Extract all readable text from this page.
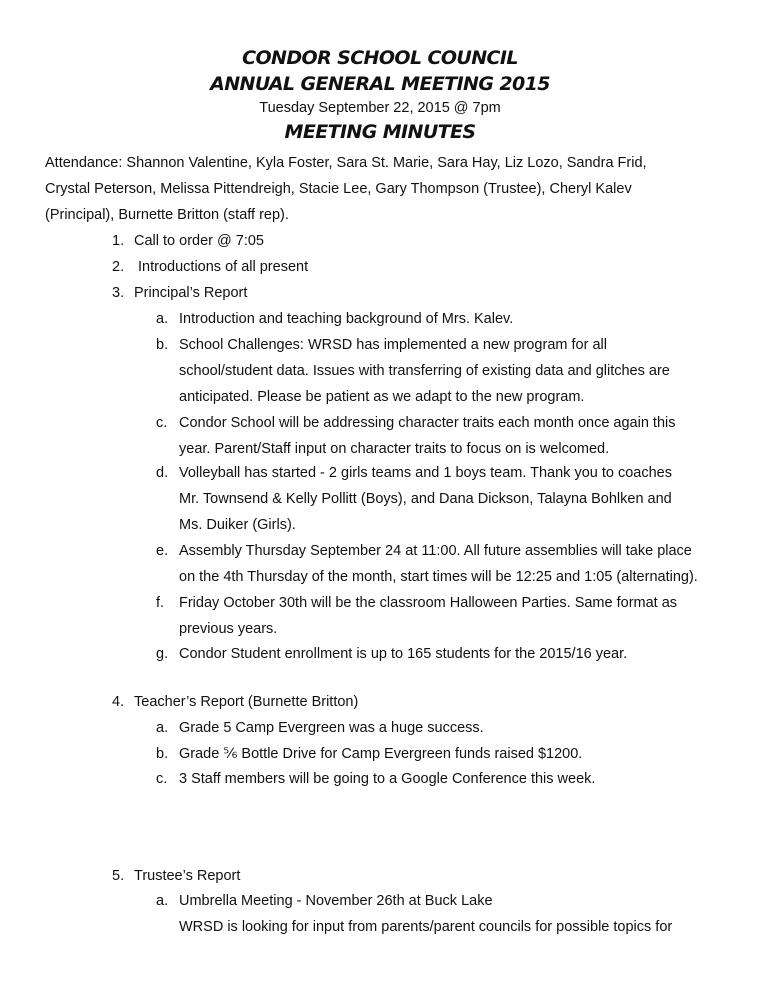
CONDOR SCHOOL COUNCIL
ANNUAL GENERAL MEETING 2015
Tuesday September 22, 2015 @ 7pm
MEETING MINUTES
Attendance: Shannon Valentine, Kyla Foster, Sara St. Marie, Sara Hay, Liz Lozo, Sandra Frid,
Crystal Peterson, Melissa Pittendreigh, Stacie Lee, Gary Thompson (Trustee), Cheryl Kalev
(Principal), Burnette Britton (staff rep).
1. Call to order @ 7:05
2. Introductions of all present
3. Principal’s Report
a. Introduction and teaching background of Mrs. Kalev.
b. School Challenges: WRSD has implemented a new program for all
school/student data. Issues with transferring of existing data and glitches are
anticipated. Please be patient as we adapt to the new program.
c. Condor School will be addressing character traits each month once again this
year. Parent/Staff input on character traits to focus on is welcomed.
d. Volleyball has started - 2 girls teams and 1 boys team. Thank you to coaches
Mr. Townsend & Kelly Pollitt (Boys), and Dana Dickson, Talayna Bohlken and
Ms. Duiker (Girls).
e. Assembly Thursday September 24 at 11:00. All future assemblies will take place
on the 4th Thursday of the month, start times will be 12:25 and 1:05 (alternating).
f. Friday October 30th will be the classroom Halloween Parties. Same format as
previous years.
g. Condor Student enrollment is up to 165 students for the 2015/16 year.
4. Teacher’s Report (Burnette Britton)
a. Grade 5 Camp Evergreen was a huge success.
b. Grade ⅚ Bottle Drive for Camp Evergreen funds raised $1200.
c. 3 Staff members will be going to a Google Conference this week.
5. Trustee’s Report
a. Umbrella Meeting - November 26th at Buck Lake
WRSD is looking for input from parents/parent councils for possible topics for
